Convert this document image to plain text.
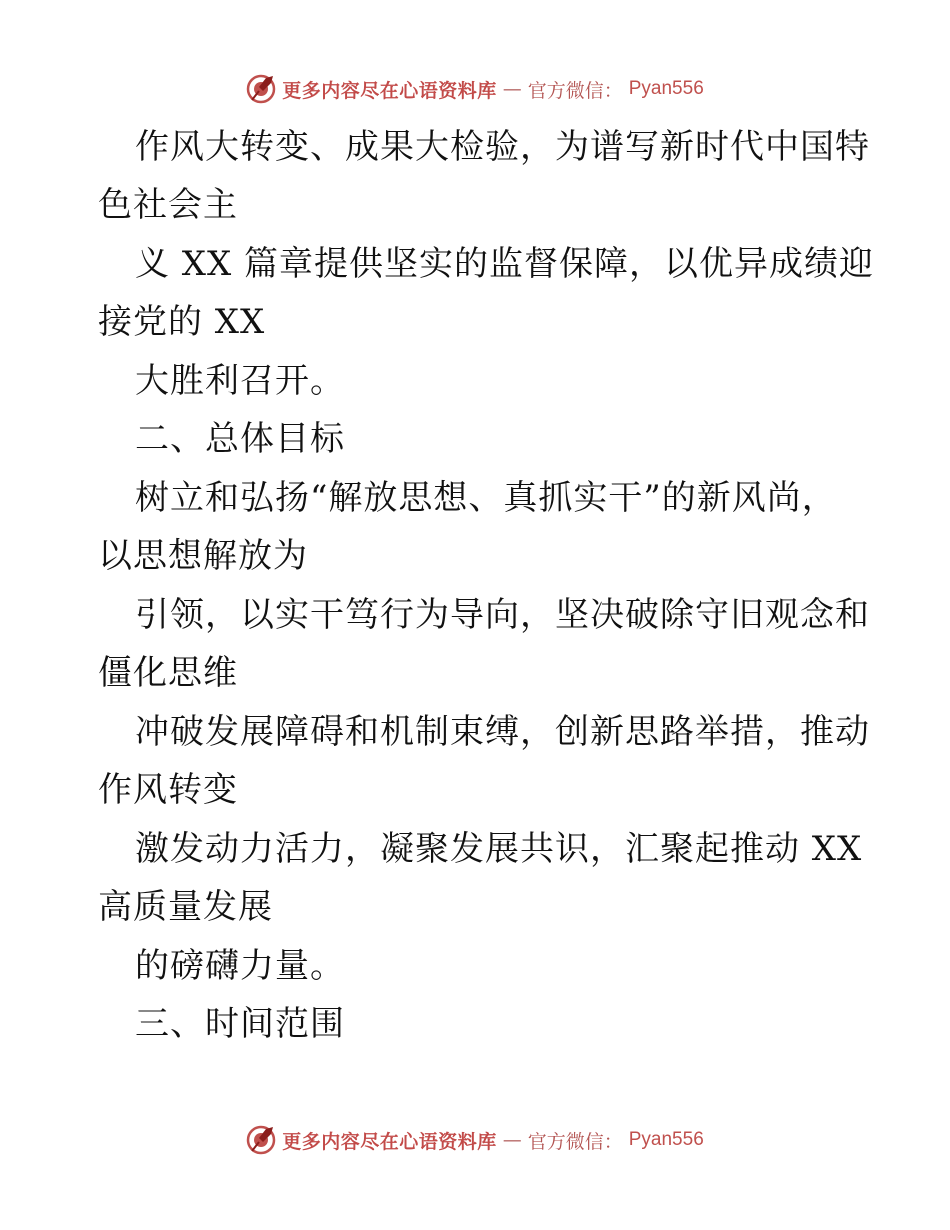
更多内容尽在心语资料库 — 官方微信： Pyan556
作风大转变、成果大检验，为谱写新时代中国特
色社会主
义 XX 篇章提供坚实的监督保障，以优异成绩迎
接党的 XX
大胜利召开。
二、总体目标
树立和弘扬“解放思想、真抓实干”的新风尚，
以思想解放为
引领，以实干笃行为导向，坚决破除守旧观念和
僵化思维
冲破发展障碍和机制束缚，创新思路举措，推动
作风转变
激发动力活力，凝聚发展共识，汇聚起推动 XX
高质量发展
的磅礴力量。
三、时间范围
更多内容尽在心语资料库 — 官方微信： Pyan556
